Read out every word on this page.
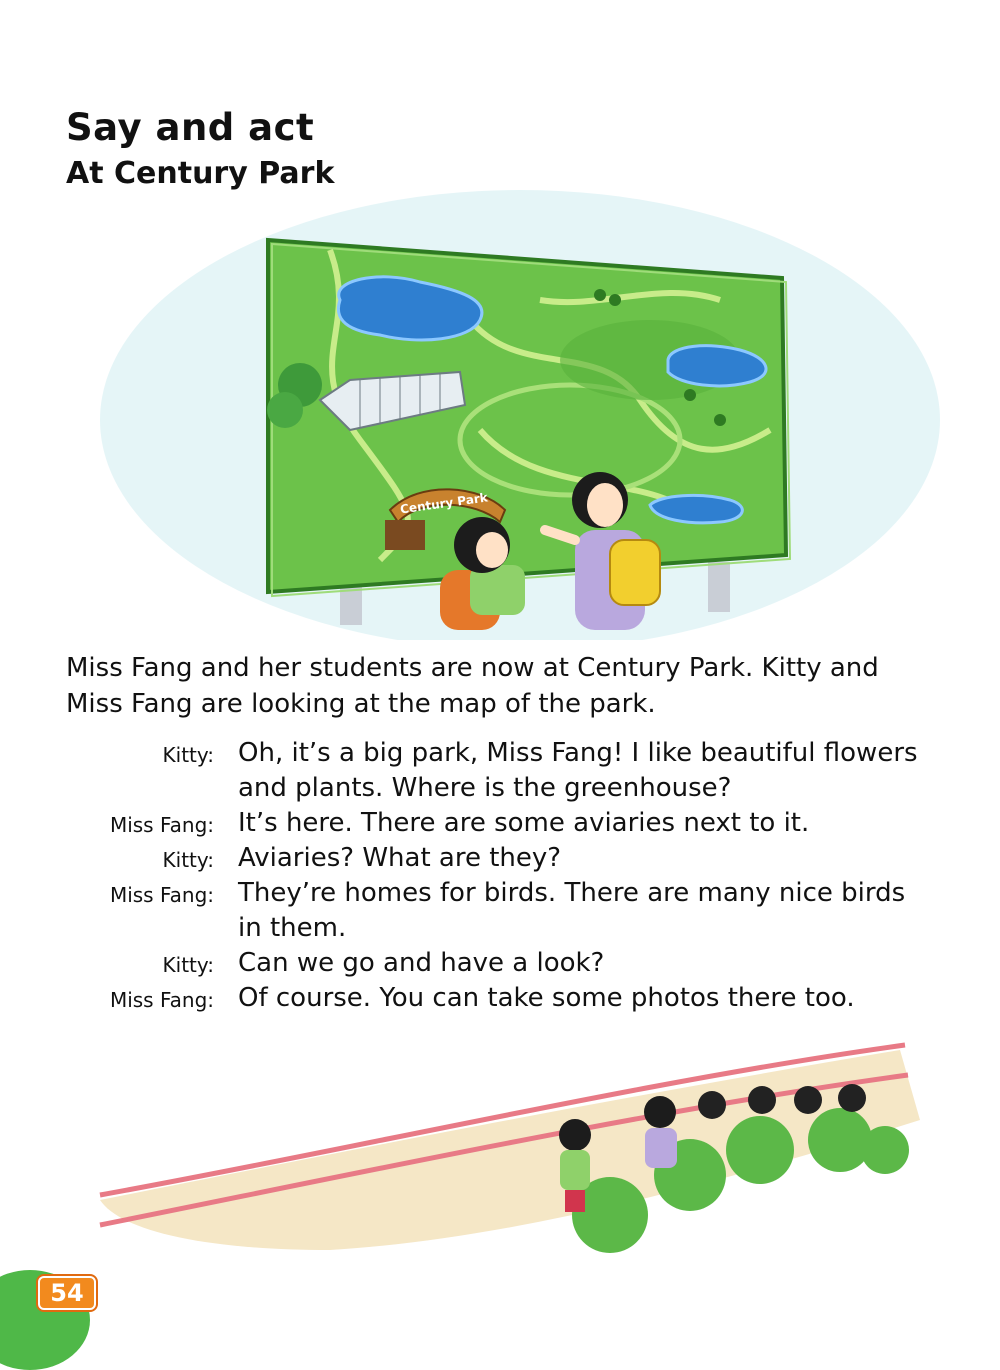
Say and act
At Century Park
Century Park

Miss Fang and her students are now at Century Park. Kitty and Miss Fang are looking at the map of the park.

Kitty: Oh, it’s a big park, Miss Fang! I like beautiful flowers and plants. Where is the greenhouse?
Miss Fang: It’s here. There are some aviaries next to it.
Kitty: Aviaries? What are they?
Miss Fang: They’re homes for birds. There are many nice birds in them.
Kitty: Can we go and have a look?
Miss Fang: Of course. You can take some photos there too.
54
